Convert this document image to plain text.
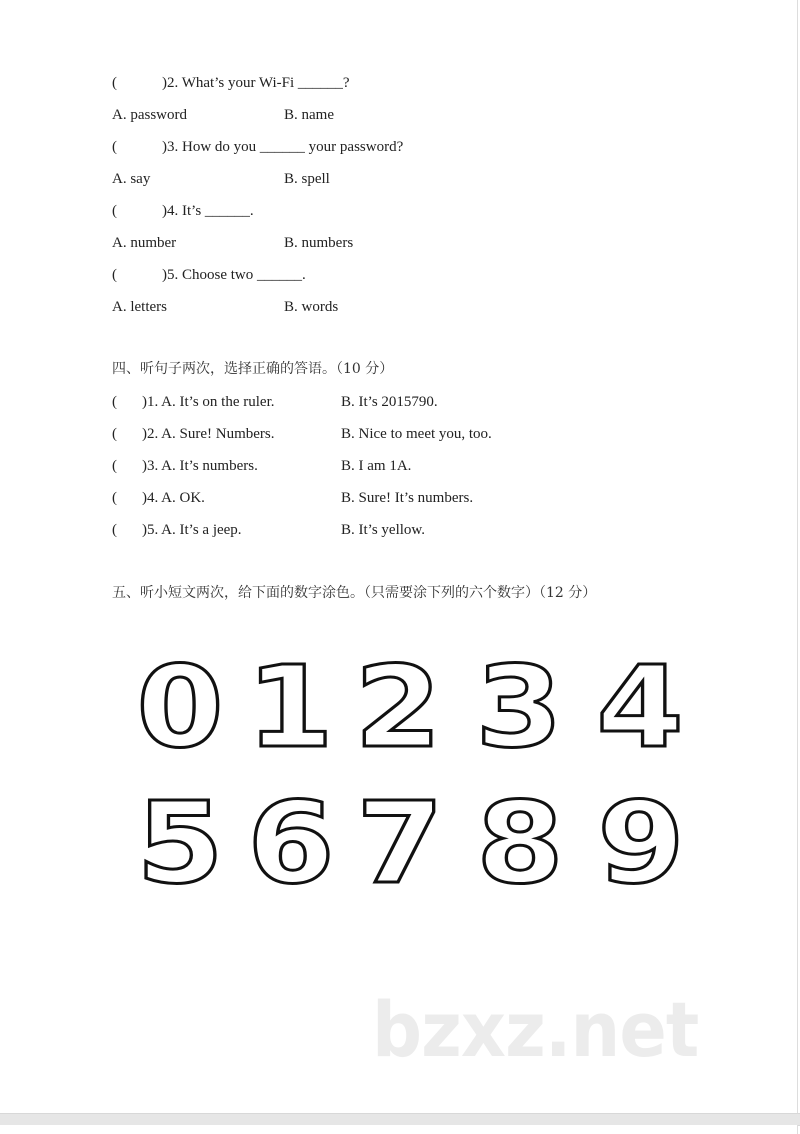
(	)2. What’s your Wi-Fi ______?
A. password	B. name
(	)3. How do you ______ your password?
A. say	B. spell
(	)4. It’s ______.
A. number	B. numbers
(	)5. Choose two ______.
A. letters	B. words
四、听句子两次，选择正确的答语。（10 分）
( )1. A. It’s on the ruler.	B. It’s 2015790.
( )2. A. Sure! Numbers.	B. Nice to meet you, too.
( )3. A. It’s numbers.	B. I am 1A.
( )4. A. OK.	B. Sure! It’s numbers.
( )5. A. It’s a jeep.	B. It’s yellow.
五、听小短文两次，给下面的数字涂色。（只需要涂下列的六个数字）（12 分）
0 1 2 3 4
5 6 7 8 9
bzxz.net
